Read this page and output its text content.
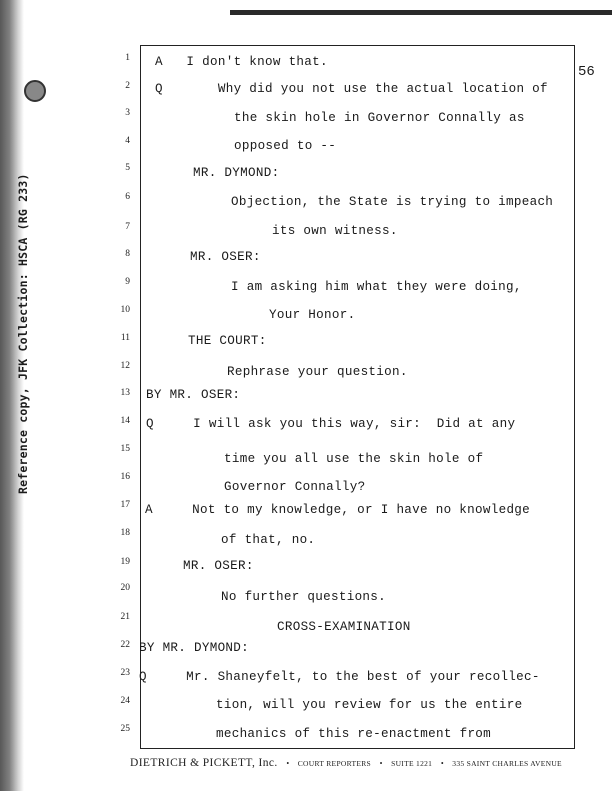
Reference copy, JFK Collection: HSCA (RG 233)
56
1
2
3
4
5
6
7
8
9
10
11
12
13
14
15
16
17
18
19
20
21
22
23
24
25
A   I don't know that.
Q       Why did you not use the actual location of
the skin hole in Governor Connally as
opposed to --
MR. DYMOND:
Objection, the State is trying to impeach
its own witness.
MR. OSER:
I am asking him what they were doing,
Your Honor.
THE COURT:
Rephrase your question.
BY MR. OSER:
Q     I will ask you this way, sir:  Did at any
time you all use the skin hole of
Governor Connally?
A     Not to my knowledge, or I have no knowledge
of that, no.
MR. OSER:
No further questions.
CROSS-EXAMINATION
BY MR. DYMOND:
Q     Mr. Shaneyfelt, to the best of your recollec-
tion, will you review for us the entire
mechanics of this re-enactment from
DIETRICH & PICKETT, Inc. • COURT REPORTERS • SUITE 1221 • 335 SAINT CHARLES AVENUE
